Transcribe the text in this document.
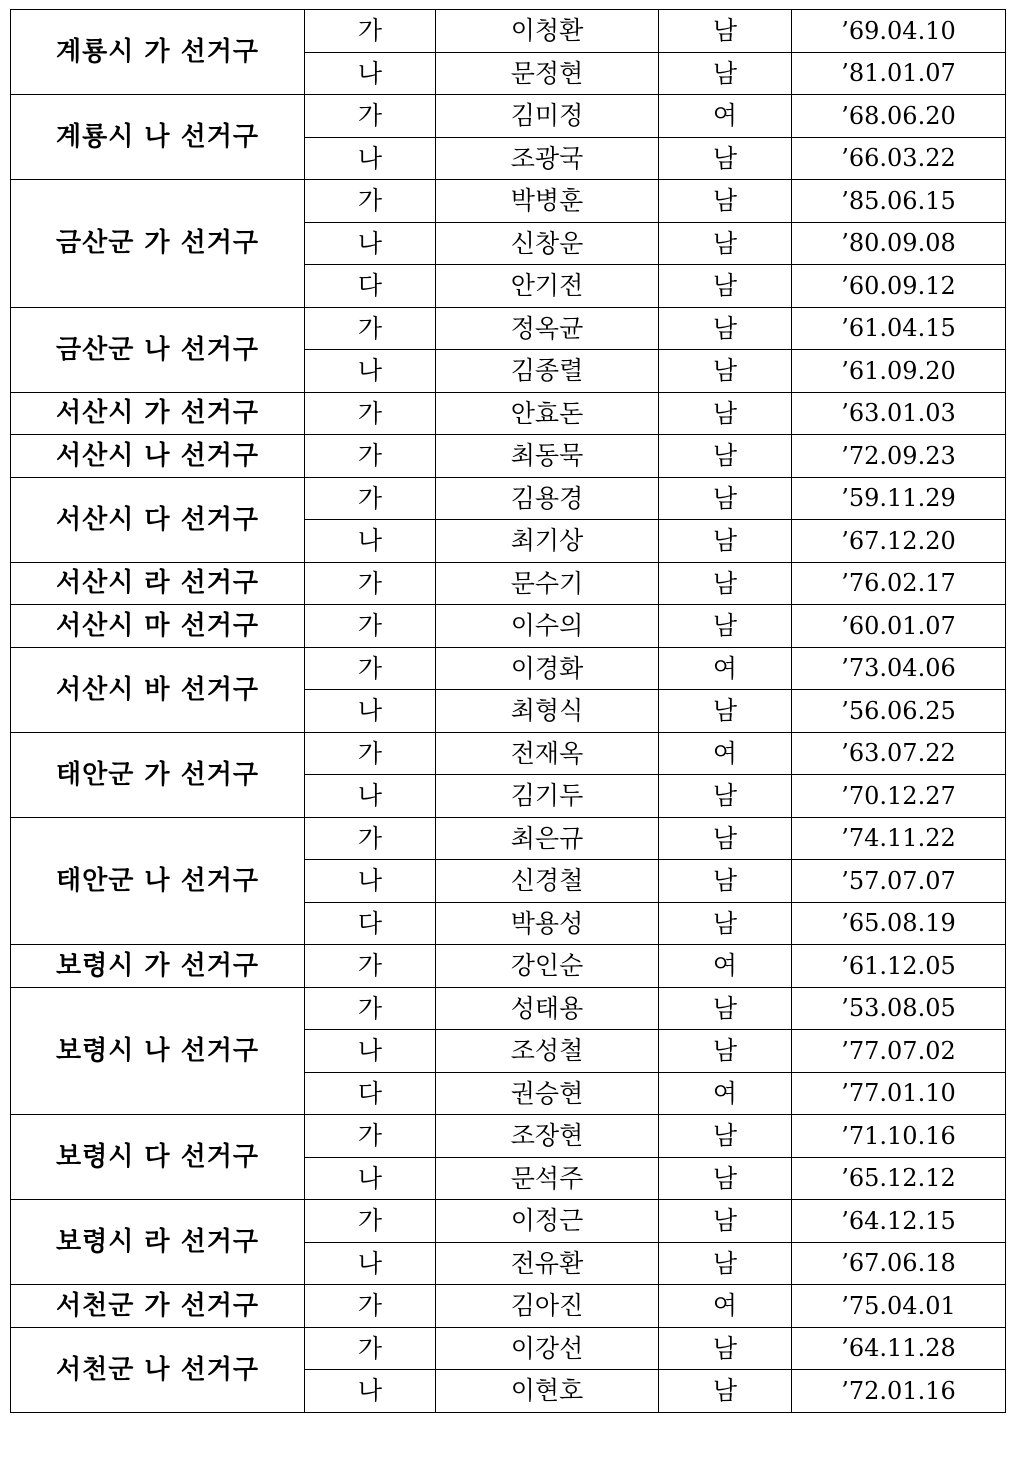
계룡시 가 선거구	가	이청환	남	’69.04.10
	나	문정현	남	’81.01.07
계룡시 나 선거구	가	김미정	여	’68.06.20
	나	조광국	남	’66.03.22
금산군 가 선거구	가	박병훈	남	’85.06.15
	나	신창운	남	’80.09.08
	다	안기전	남	’60.09.12
금산군 나 선거구	가	정옥균	남	’61.04.15
	나	김종렬	남	’61.09.20
서산시 가 선거구	가	안효돈	남	’63.01.03
서산시 나 선거구	가	최동묵	남	’72.09.23
서산시 다 선거구	가	김용경	남	’59.11.29
	나	최기상	남	’67.12.20
서산시 라 선거구	가	문수기	남	’76.02.17
서산시 마 선거구	가	이수의	남	’60.01.07
서산시 바 선거구	가	이경화	여	’73.04.06
	나	최형식	남	’56.06.25
태안군 가 선거구	가	전재옥	여	’63.07.22
	나	김기두	남	’70.12.27
태안군 나 선거구	가	최은규	남	’74.11.22
	나	신경철	남	’57.07.07
	다	박용성	남	’65.08.19
보령시 가 선거구	가	강인순	여	’61.12.05
보령시 나 선거구	가	성태용	남	’53.08.05
	나	조성철	남	’77.07.02
	다	권승현	여	’77.01.10
보령시 다 선거구	가	조장현	남	’71.10.16
	나	문석주	남	’65.12.12
보령시 라 선거구	가	이정근	남	’64.12.15
	나	전유환	남	’67.06.18
서천군 가 선거구	가	김아진	여	’75.04.01
서천군 나 선거구	가	이강선	남	’64.11.28
	나	이현호	남	’72.01.16
